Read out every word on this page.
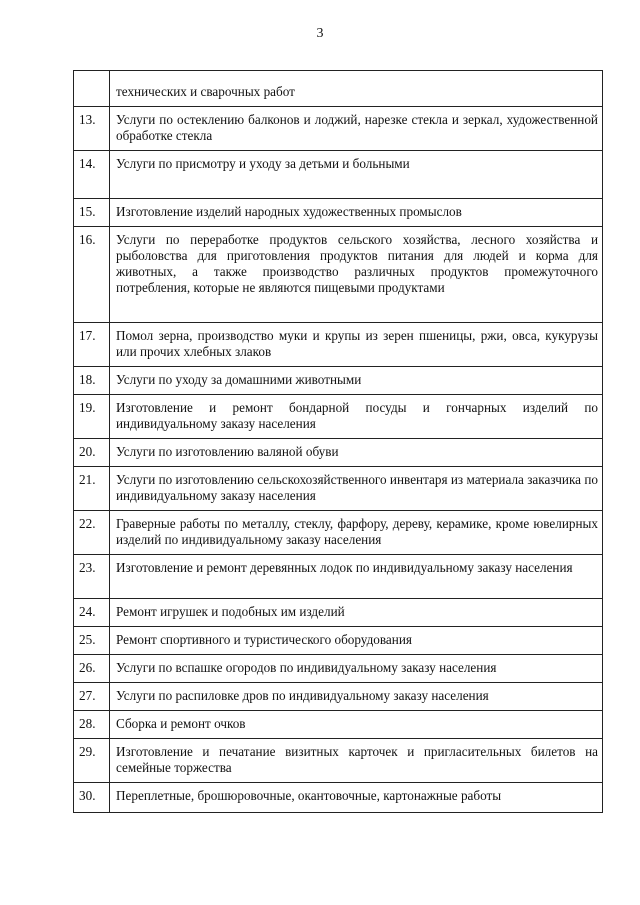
3
	технических и сварочных работ
13.	Услуги по остеклению балконов и лоджий, нарезке стекла и зеркал, художественной обработке стекла
14.	Услуги по присмотру и уходу за детьми и больными
15.	Изготовление изделий народных художественных промыслов
16.	Услуги по переработке продуктов сельского хозяйства, лесного хозяйства и рыболовства для приготовления продуктов питания для людей и корма для животных, а также производство различных продуктов промежуточного потребления, которые не являются пищевыми продуктами
17.	Помол зерна, производство муки и крупы из зерен пшеницы, ржи, овса, кукурузы или прочих хлебных злаков
18.	Услуги по уходу за домашними животными
19.	Изготовление и ремонт бондарной посуды и гончарных изделий по индивидуальному заказу населения
20.	Услуги по изготовлению валяной обуви
21.	Услуги по изготовлению сельскохозяйственного инвентаря из материала заказчика по индивидуальному заказу населения
22.	Граверные работы по металлу, стеклу, фарфору, дереву, керамике, кроме ювелирных изделий по индивидуальному заказу населения
23.	Изготовление и ремонт деревянных лодок по индивидуальному заказу населения
24.	Ремонт игрушек и подобных им изделий
25.	Ремонт спортивного и туристического оборудования
26.	Услуги по вспашке огородов по индивидуальному заказу населения
27.	Услуги по распиловке дров по индивидуальному заказу населения
28.	Сборка и ремонт очков
29.	Изготовление и печатание визитных карточек и пригласительных билетов на семейные торжества
30.	Переплетные, брошюровочные, окантовочные, картонажные работы
